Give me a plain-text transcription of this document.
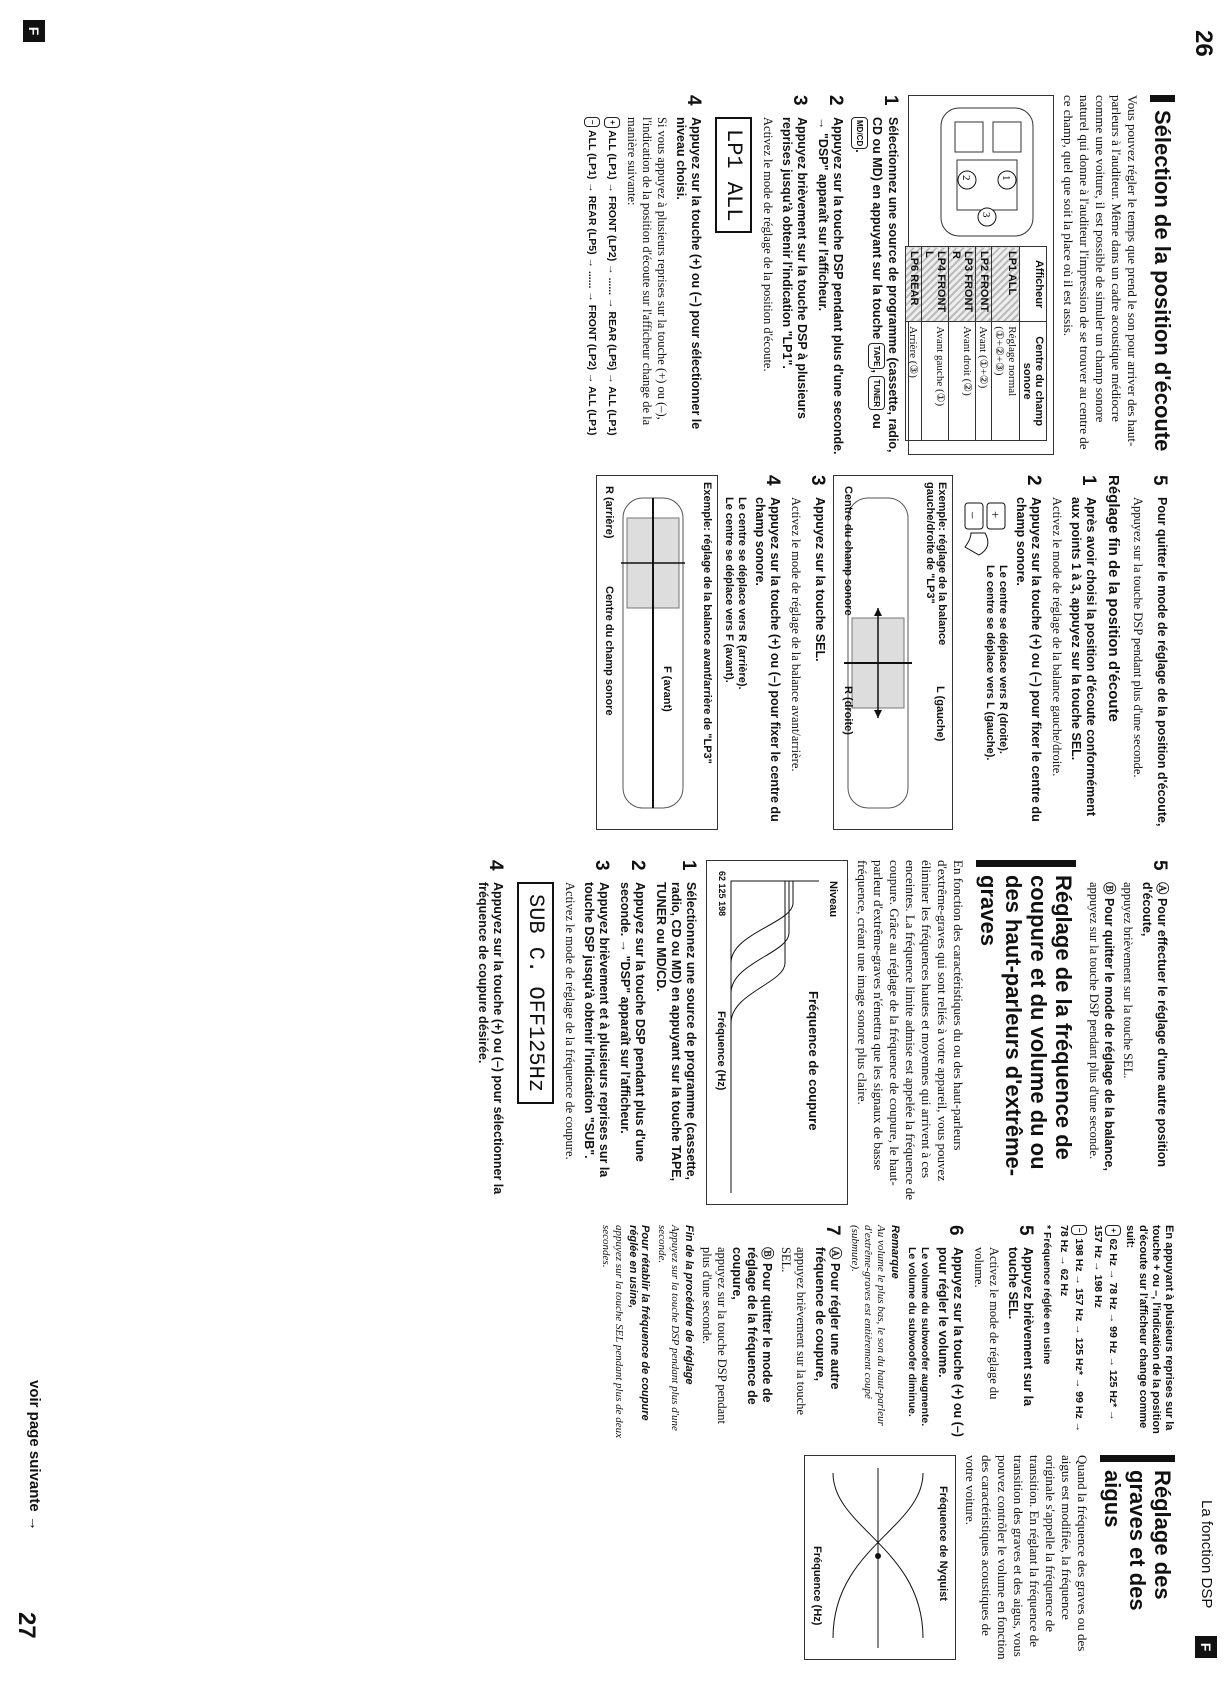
26
27
F
F
La fonction DSP
voir page suivante →
Sélection de la position d'écoute

Vous pouvez régler le temps que prend le son pour arriver des haut-parleurs à l'auditeur. Même dans un cadre acoustique médiocre comme une voiture, il est possible de simuler un champ sonore naturel qui donne à l'auditeur l'impression de se trouver au centre de ce champ, quel que soit la place où il est assis.

1
2
3
Afficheur	Centre du champ sonore
LP1 ALL	Réglage normal (①+②+③)
LP2 FRONT	Avant (①+②)
LP3 FRONT R	Avant droit (②)
LP4 FRONT L	Avant gauche (①)
LP6 REAR	Arrière (③)
1
Sélectionnez une source de programme (cassette, radio, CD ou MD) en appuyant sur la touche TAPE, TUNER ou MD/CD.
2
Appuyez sur la touche DSP pendant plus d'une seconde. → "DSP" apparaît sur l'afficheur.
3
Appuyez brièvement sur la touche DSP à plusieurs reprises jusqu'à obtenir l'indication "LP1".

Activez le mode de réglage de la position d'écoute.

LP1 ALL
4
Appuyez sur la touche (+) ou (–) pour sélectionner le niveau choisi.

Si vous appuyez à plusieurs reprises sur la touche (+) ou (–), l'indication de la position d'écoute sur l'afficheur change de la manière suivante:

+ ALL (LP1) → FRONT (LP2) → ...... → REAR (LP5) → ALL (LP1)
– ALL (LP1) → REAR (LP5) → ...... → FRONT (LP2) → ALL (LP1)
5
Pour quitter le mode de réglage de la position d'écoute,

Appuyez sur la touche DSP pendant plus d'une seconde.

Réglage fin de la position d'écoute
1
Après avoir choisi la position d'écoute conformément aux points 1 à 3, appuyez sur la touche SEL.

Activez le mode de réglage de la balance gauche/droite.

2
Appuyez sur la touche (+) ou (–) pour fixer le centre du champ sonore.
+
–
Le centre se déplace vers R (droite).
Le centre se déplace vers L (gauche).
Exemple: réglage de la balance gauche/droite de "LP3"
L (gauche)
R (droite)
Centre du champ sonore
3
Appuyez sur la touche SEL.

Activez le mode de réglage de la balance avant/arrière.

4
Appuyez sur la touche (+) ou (–) pour fixer le centre du champ sonore.
Le centre se déplace vers R (arrière).
Le centre se déplace vers F (avant).
Exemple: réglage de la balance avant/arrière de "LP3"
F (avant)
R (arrière)
Centre du champ sonore
5
Ⓐ Pour effectuer le réglage d'une autre position d'écoute,

appuyez brièvement sur la touche SEL.

Ⓑ Pour quitter le mode de réglage de la balance,

appuyez sur la touche DSP pendant plus d'une seconde.

Réglage de la fréquence de coupure et du volume du ou des haut-parleurs d'extrême-graves

En fonction des caractéristiques du ou des haut-parleurs d'extrême-graves qui sont reliés à votre appareil, vous pouvez éliminer les fréquences hautes et moyennes qui arrivent à ces enceintes. La fréquence limite admise est appelée la fréquence de coupure. Grâce au réglage de la fréquence de coupure, le haut-parleur d'extrême-graves n'émettra que les signaux de basse fréquence, créant une image sonore plus claire.

Niveau
Fréquence de coupure
62 125 198
Fréquence (Hz)
1
Sélectionnez une source de programme (cassette, radio, CD ou MD) en appuyant sur la touche TAPE, TUNER ou MD/CD.
2
Appuyez sur la touche DSP pendant plus d'une seconde. → "DSP" apparaît sur l'afficheur.
3
Appuyez brièvement et à plusieurs reprises sur la touche DSP jusqu'à obtenir l'indication "SUB".

Activez le mode de réglage de la fréquence de coupure.

SUB C. OFF125Hz
4
Appuyez sur la touche (+) ou (–) pour sélectionner la fréquence de coupure désirée.
En appuyant à plusieurs reprises sur la touche + ou –, l'indication de la position d'écoute sur l'afficheur change comme suit:
+ 62 Hz → 78 Hz → 99 Hz → 125 Hz* → 157 Hz → 198 Hz
– 198 Hz → 157 Hz → 125 Hz* → 99 Hz → 78 Hz → 62 Hz
* Fréquence réglée en usine
5
Appuyez brièvement sur la touche SEL.

Activez le mode de réglage du volume.

6
Appuyez sur la touche (+) ou (–) pour régler le volume.
Le volume du subwoofer augmente.
Le volume du subwoofer diminue.
Remarque
Au volume le plus bas, le son du haut-parleur d'extrême-graves est entièrement coupé (submute).
7
Ⓐ Pour régler une autre fréquence de coupure,

appuyez brièvement sur la touche SEL.

Ⓑ Pour quitter le mode de réglage de la fréquence de coupure,

appuyez sur la touche DSP pendant plus d'une seconde.

Fin de la procédure de réglage
Appuyez sur la touche DSP pendant plus d'une seconde.
Pour rétablir la fréquence de coupure réglée en usine,
appuyez sur la touche SEL pendant plus de deux secondes.
Réglage des graves et des aigus

Quand la fréquence des graves ou des aigus est modifiée, la fréquence originale s'appelle la fréquence de transition. En réglant la fréquence de transition des graves et des aigus, vous pouvez contrôler le volume en fonction des caractéristiques acoustiques de votre voiture.

Fréquence de Nyquist
Fréquence (Hz)
